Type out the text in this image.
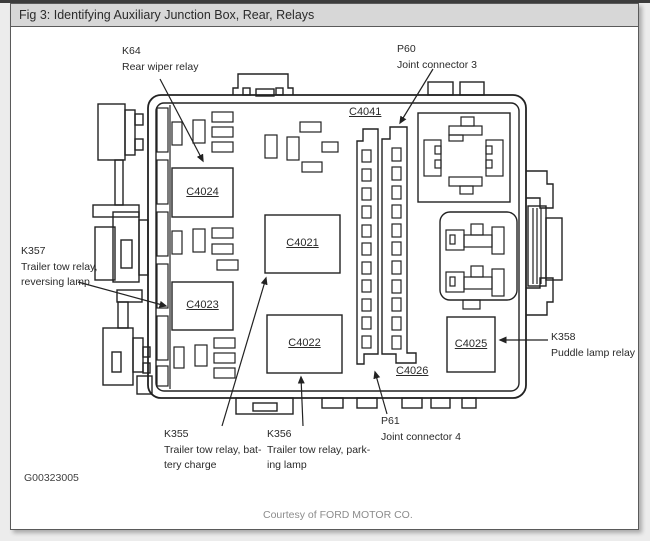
Fig 3: Identifying Auxiliary Junction Box, Rear, Relays
K64
Rear wiper relay
P60
Joint connector 3
K357
Trailer tow relay,
reversing lamp
K355
Trailer tow relay, bat-
tery charge
K356
Trailer tow relay, park-
ing lamp
P61
Joint connector 4
K358
Puddle lamp relay
C4041
C4024
C4023
C4021
C4022	C4025
C4026
G00323005
Courtesy of FORD MOTOR CO.
